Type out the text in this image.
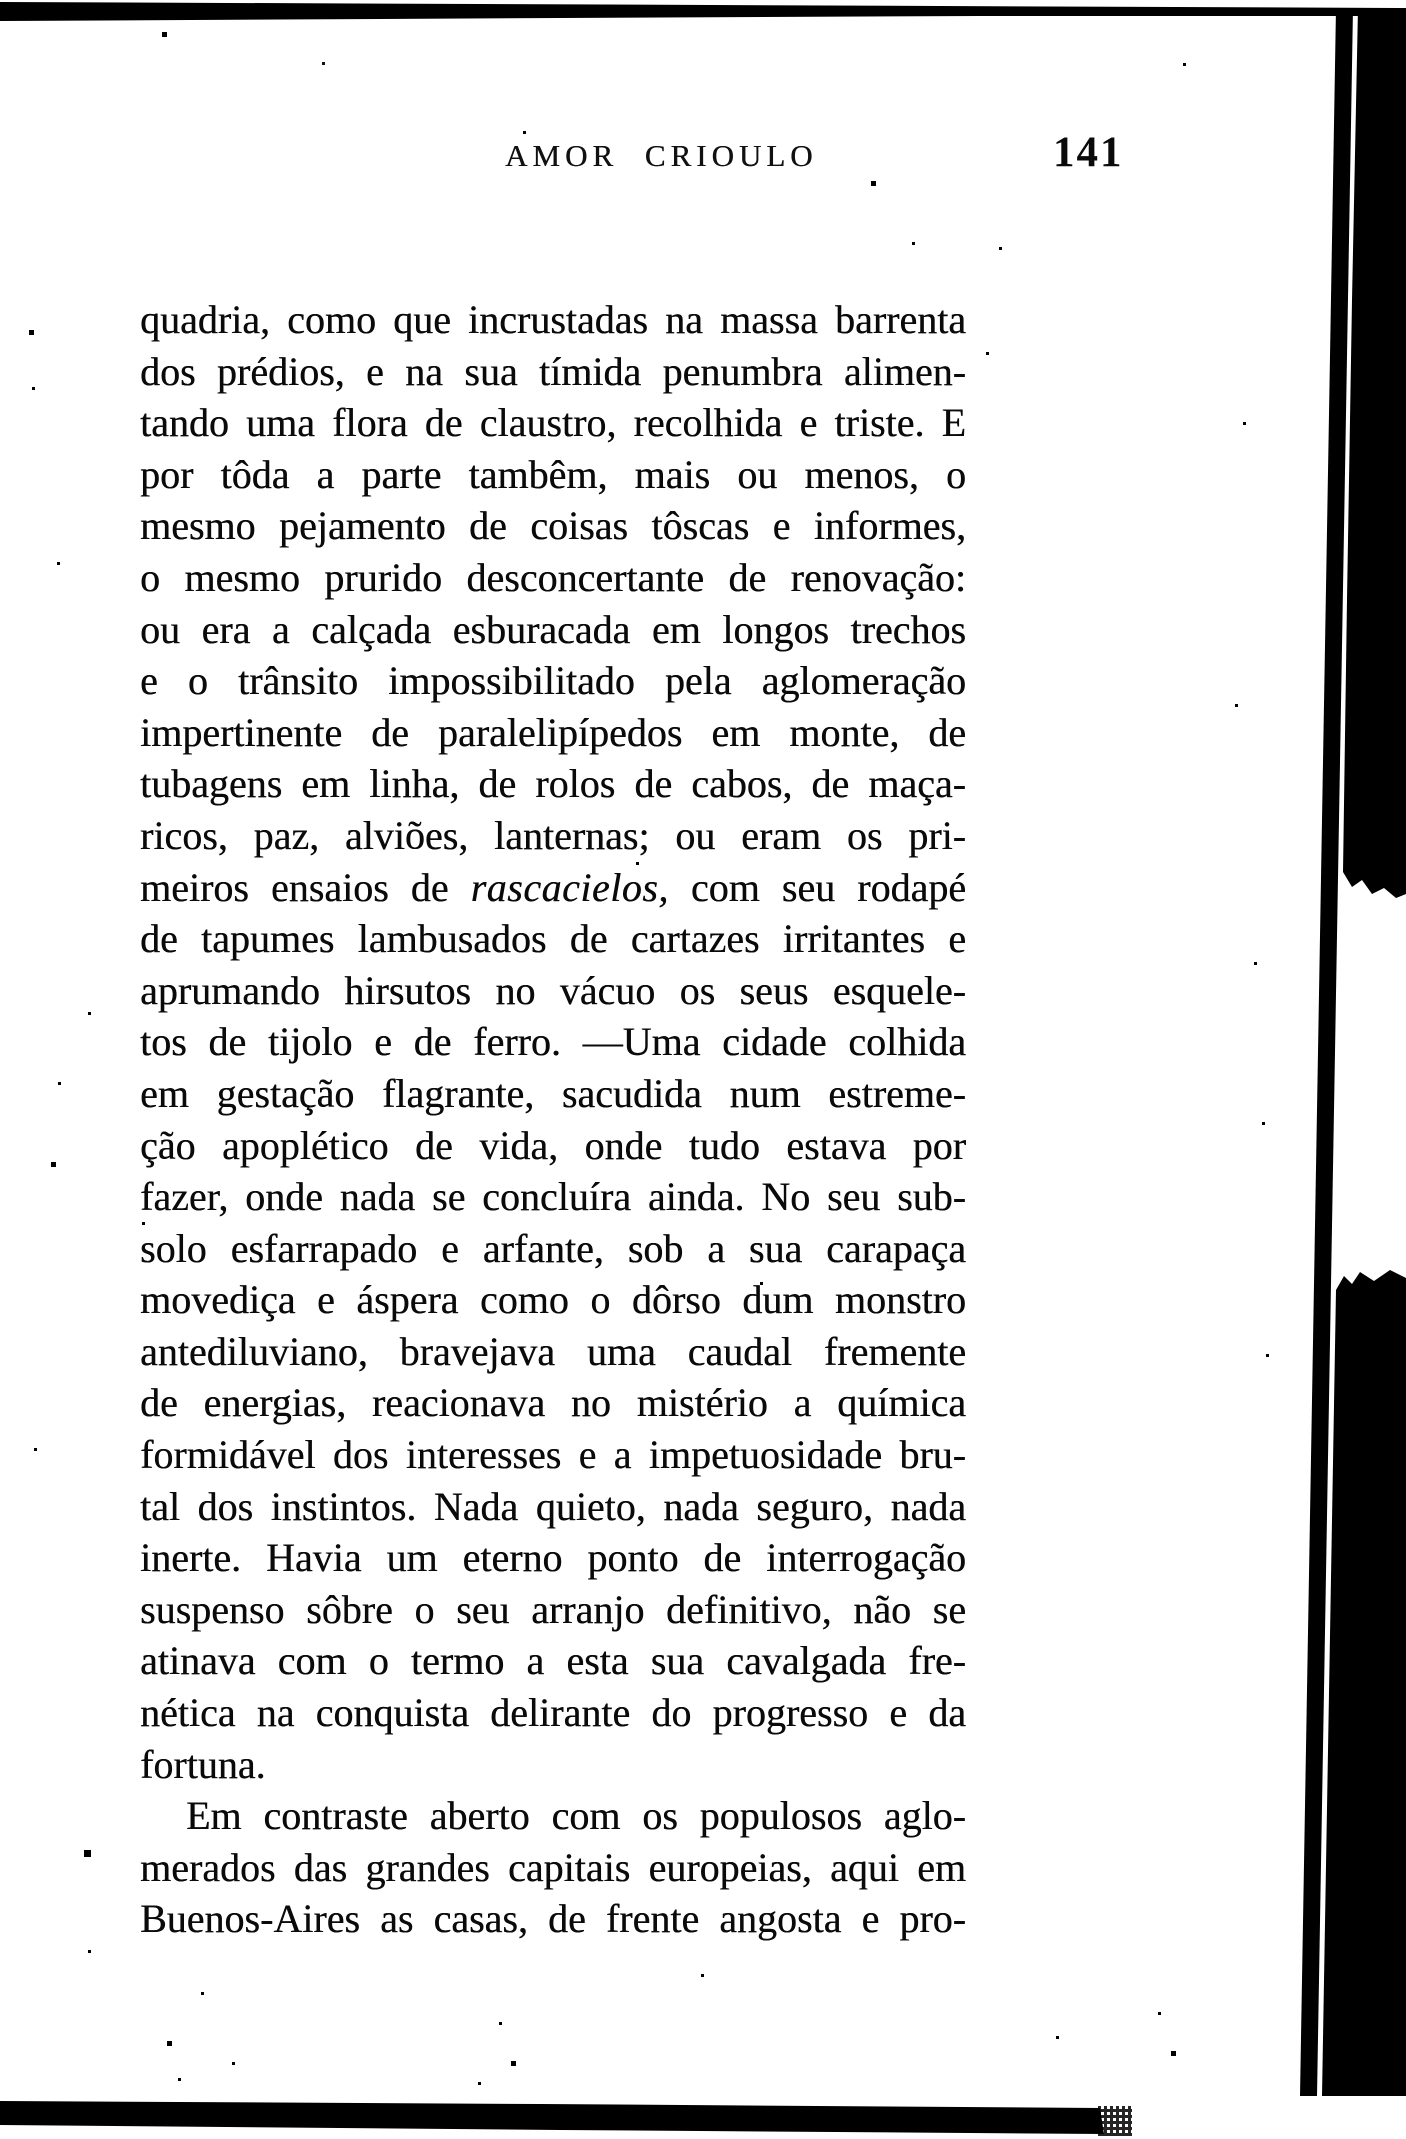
AMOR CRIOULO	141
quadria, como que incrustadas na massa barrenta
dos prédios, e na sua tímida penumbra alimen-
tando uma flora de claustro, recolhida e triste. E
por tôda a parte tambêm, mais ou menos, o
mesmo pejamento de coisas tôscas e informes,
o mesmo prurido desconcertante de renovação:
ou era a calçada esburacada em longos trechos
e o trânsito impossibilitado pela aglomeração
impertinente de paralelipípedos em monte, de
tubagens em linha, de rolos de cabos, de maça-
ricos, paz, alviões, lanternas; ou eram os pri-
meiros ensaios de rascacielos, com seu rodapé
de tapumes lambusados de cartazes irritantes e
aprumando hirsutos no vácuo os seus esquele-
tos de tijolo e de ferro. —Uma cidade colhida
em gestação flagrante, sacudida num estreme-
ção apoplético de vida, onde tudo estava por
fazer, onde nada se concluíra ainda. No seu sub-
solo esfarrapado e arfante, sob a sua carapaça
movediça e áspera como o dôrso dum monstro
antediluviano, bravejava uma caudal fremente
de energias, reacionava no mistério a química
formidável dos interesses e a impetuosidade bru-
tal dos instintos. Nada quieto, nada seguro, nada
inerte. Havia um eterno ponto de interrogação
suspenso sôbre o seu arranjo definitivo, não se
atinava com o termo a esta sua cavalgada fre-
nética na conquista delirante do progresso e da
fortuna.
Em contraste aberto com os populosos aglo-
merados das grandes capitais europeias, aqui em
Buenos-Aires as casas, de frente angosta e pro-
